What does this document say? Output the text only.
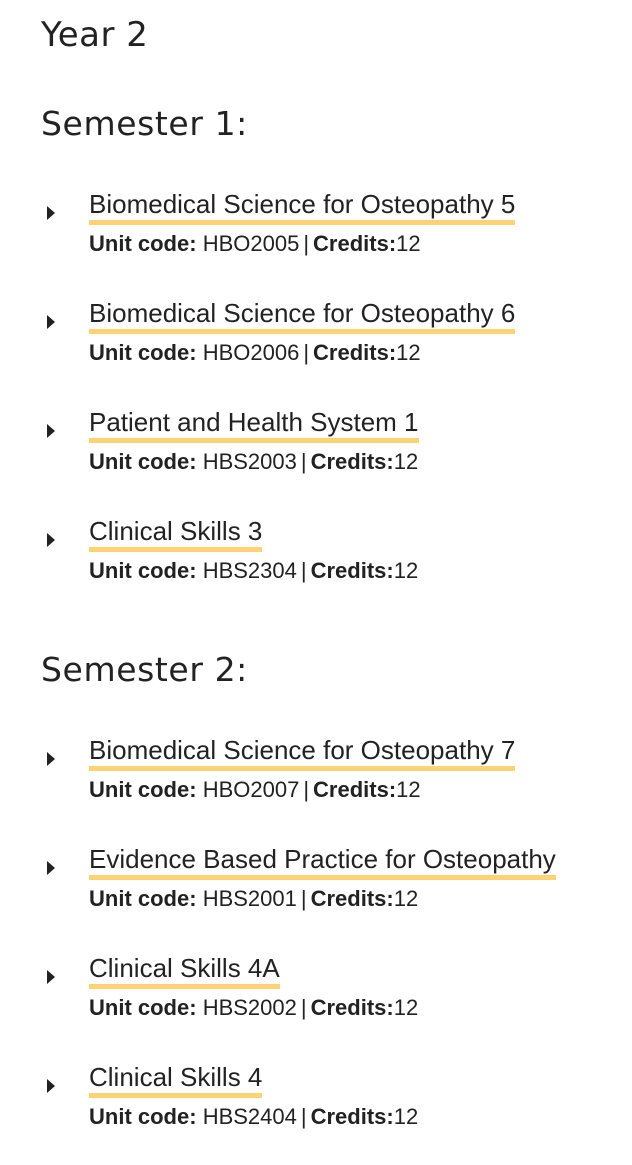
Year 2
Semester 1:
Biomedical Science for Osteopathy 5
Unit code: HBO2005 | Credits:12
Biomedical Science for Osteopathy 6
Unit code: HBO2006 | Credits:12
Patient and Health System 1
Unit code: HBS2003 | Credits:12
Clinical Skills 3
Unit code: HBS2304 | Credits:12
Semester 2:
Biomedical Science for Osteopathy 7
Unit code: HBO2007 | Credits:12
Evidence Based Practice for Osteopathy
Unit code: HBS2001 | Credits:12
Clinical Skills 4A
Unit code: HBS2002 | Credits:12
Clinical Skills 4
Unit code: HBS2404 | Credits:12
